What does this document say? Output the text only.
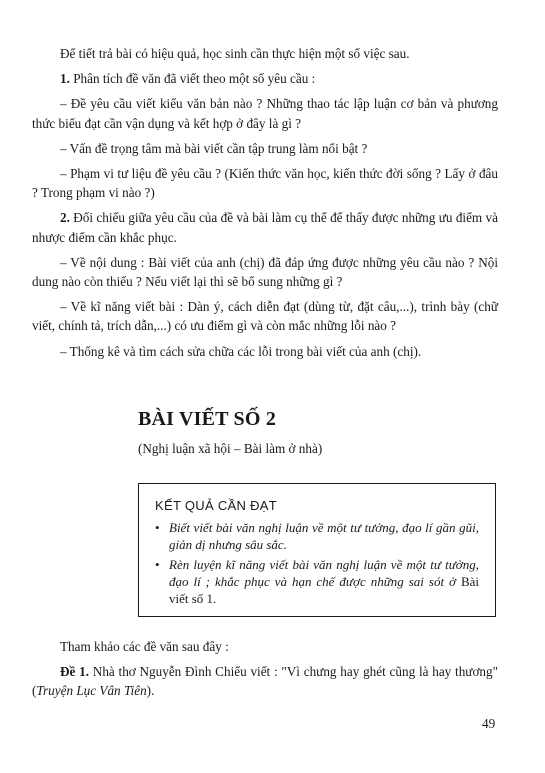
Để tiết trả bài có hiệu quả, học sinh cần thực hiện một số việc sau.

1. Phân tích đề văn đã viết theo một số yêu cầu :

– Đề yêu cầu viết kiểu văn bản nào ? Những thao tác lập luận cơ bản và phương thức biểu đạt cần vận dụng và kết hợp ở đây là gì ?

– Vấn đề trọng tâm mà bài viết cần tập trung làm nổi bật ?

– Phạm vi tư liệu đề yêu cầu ? (Kiến thức văn học, kiến thức đời sống ? Lấy ở đâu ? Trong phạm vi nào ?)

2. Đối chiếu giữa yêu cầu của đề và bài làm cụ thể để thấy được những ưu điểm và nhược điểm cần khắc phục.

– Về nội dung : Bài viết của anh (chị) đã đáp ứng được những yêu cầu nào ? Nội dung nào còn thiếu ? Nếu viết lại thì sẽ bổ sung những gì ?

– Về kĩ năng viết bài : Dàn ý, cách diễn đạt (dùng từ, đặt câu,...), trình bày (chữ viết, chính tả, trích dẫn,...) có ưu điểm gì và còn mắc những lỗi nào ?

– Thống kê và tìm cách sửa chữa các lỗi trong bài viết của anh (chị).

BÀI VIẾT SỐ 2
(Nghị luận xã hội – Bài làm ở nhà)
KẾT QUẢ CẦN ĐẠT
• Biết viết bài văn nghị luận về một tư tưởng, đạo lí gần gũi, giản dị nhưng sâu sắc.
• Rèn luyện kĩ năng viết bài văn nghị luận về một tư tưởng, đạo lí ; khắc phục và hạn chế được những sai sót ở Bài viết số 1.

Tham khảo các đề văn sau đây :

Đề 1. Nhà thơ Nguyễn Đình Chiểu viết : "Vì chưng hay ghét cũng là hay thương" (Truyện Lục Vân Tiên).

49
